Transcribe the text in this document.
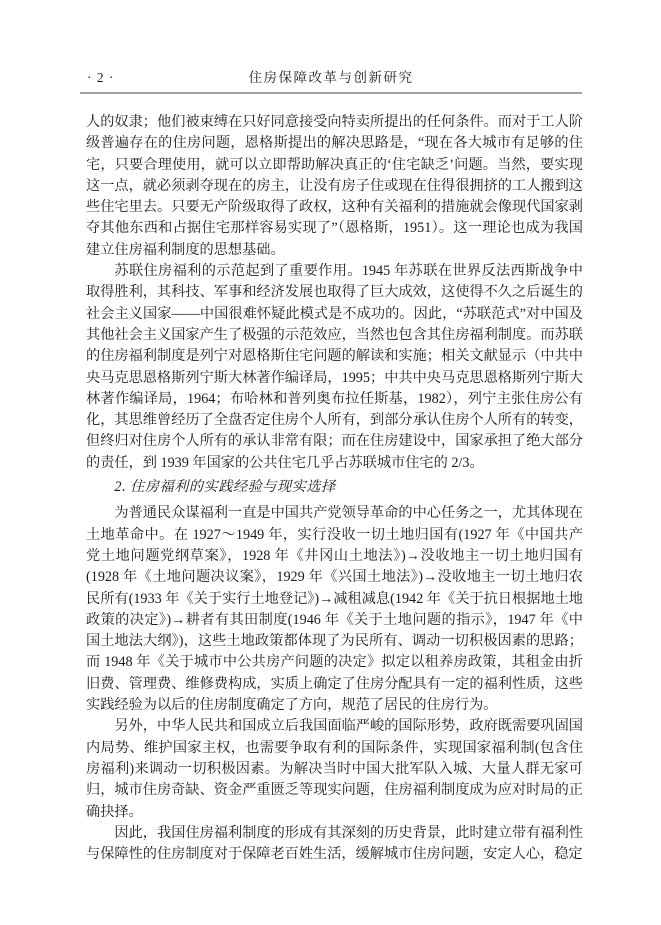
· 2 ·	住房保障改革与创新研究

人的奴隶；他们被束缚在只好同意接受向特卖所提出的任何条件。而对于工人阶级普遍存在的住房问题，恩格斯提出的解决思路是，“现在各大城市有足够的住宅，只要合理使用，就可以立即帮助解决真正的‘住宅缺乏’问题。当然，要实现这一点，就必须剥夺现在的房主，让没有房子住或现在住得很拥挤的工人搬到这些住宅里去。只要无产阶级取得了政权，这种有关福利的措施就会像现代国家剥夺其他东西和占据住宅那样容易实现了”（恩格斯，1951）。这一理论也成为我国建立住房福利制度的思想基础。

苏联住房福利的示范起到了重要作用。1945 年苏联在世界反法西斯战争中取得胜利，其科技、军事和经济发展也取得了巨大成效，这使得不久之后诞生的社会主义国家——中国很难怀疑此模式是不成功的。因此，“苏联范式”对中国及其他社会主义国家产生了极强的示范效应，当然也包含其住房福利制度。而苏联的住房福利制度是列宁对恩格斯住宅问题的解读和实施；相关文献显示（中共中央马克思恩格斯列宁斯大林著作编译局，1995；中共中央马克思恩格斯列宁斯大林著作编译局，1964；布哈林和普列奥布拉任斯基，1982），列宁主张住房公有化，其思维曾经历了全盘否定住房个人所有，到部分承认住房个人所有的转变，但终归对住房个人所有的承认非常有限；而在住房建设中，国家承担了绝大部分的责任，到 1939 年国家的公共住宅几乎占苏联城市住宅的 2/3。

2. 住房福利的实践经验与现实选择

为普通民众谋福利一直是中国共产党领导革命的中心任务之一，尤其体现在土地革命中。在 1927～1949 年，实行没收一切土地归国有(1927 年《中国共产党土地问题党纲草案》，1928 年《井冈山土地法》)→没收地主一切土地归国有(1928 年《土地问题决议案》，1929 年《兴国土地法》)→没收地主一切土地归农民所有(1933 年《关于实行土地登记》)→减租减息(1942 年《关于抗日根据地土地政策的决定》)→耕者有其田制度(1946 年《关于土地问题的指示》，1947 年《中国土地法大纲》)，这些土地政策都体现了为民所有、调动一切积极因素的思路；而 1948 年《关于城市中公共房产问题的决定》拟定以租养房政策，其租金由折旧费、管理费、维修费构成，实质上确定了住房分配具有一定的福利性质，这些实践经验为以后的住房制度确定了方向，规范了居民的住房行为。

另外，中华人民共和国成立后我国面临严峻的国际形势，政府既需要巩固国内局势、维护国家主权，也需要争取有利的国际条件，实现国家福利制(包含住房福利)来调动一切积极因素。为解决当时中国大批军队入城、大量人群无家可归，城市住房奇缺、资金严重匮乏等现实问题，住房福利制度成为应对时局的正确抉择。

因此，我国住房福利制度的形成有其深刻的历史背景，此时建立带有福利性与保障性的住房制度对于保障老百姓生活，缓解城市住房问题，安定人心，稳定
